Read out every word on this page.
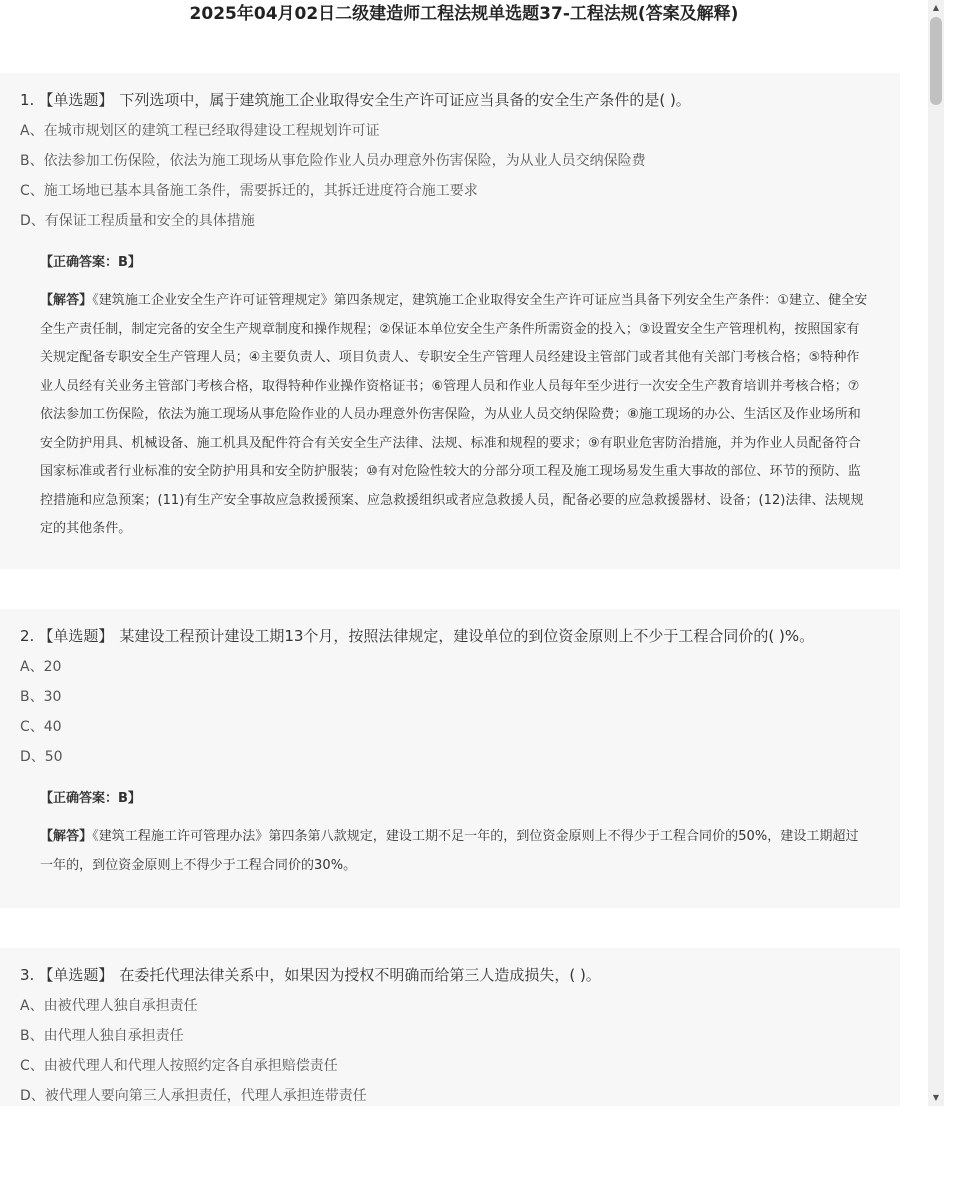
2025年04月02日二级建造师工程法规单选题37-工程法规(答案及解释)
1. 【单选题】 下列选项中，属于建筑施工企业取得安全生产许可证应当具备的安全生产条件的是( )。
A、在城市规划区的建筑工程已经取得建设工程规划许可证
B、依法参加工伤保险，依法为施工现场从事危险作业人员办理意外伤害保险，为从业人员交纳保险费
C、施工场地已基本具备施工条件，需要拆迁的，其拆迁进度符合施工要求
D、有保证工程质量和安全的具体措施
【正确答案：B】
【解答】《建筑施工企业安全生产许可证管理规定》第四条规定，建筑施工企业取得安全生产许可证应当具备下列安全生产条件：①建立、健全安全生产责任制，制定完备的安全生产规章制度和操作规程；②保证本单位安全生产条件所需资金的投入；③设置安全生产管理机构，按照国家有关规定配备专职安全生产管理人员；④主要负责人、项目负责人、专职安全生产管理人员经建设主管部门或者其他有关部门考核合格；⑤特种作业人员经有关业务主管部门考核合格，取得特种作业操作资格证书；⑥管理人员和作业人员每年至少进行一次安全生产教育培训并考核合格；⑦依法参加工伤保险，依法为施工现场从事危险作业的人员办理意外伤害保险，为从业人员交纳保险费；⑧施工现场的办公、生活区及作业场所和安全防护用具、机械设备、施工机具及配件符合有关安全生产法律、法规、标准和规程的要求；⑨有职业危害防治措施，并为作业人员配备符合国家标准或者行业标准的安全防护用具和安全防护服装；⑩有对危险性较大的分部分项工程及施工现场易发生重大事故的部位、环节的预防、监控措施和应急预案；(11)有生产安全事故应急救援预案、应急救援组织或者应急救援人员，配备必要的应急救援器材、设备；(12)法律、法规规定的其他条件。
2. 【单选题】 某建设工程预计建设工期13个月，按照法律规定，建设单位的到位资金原则上不少于工程合同价的( )%。
A、20
B、30
C、40
D、50
【正确答案：B】
【解答】《建筑工程施工许可管理办法》第四条第八款规定，建设工期不足一年的，到位资金原则上不得少于工程合同价的50%，建设工期超过一年的，到位资金原则上不得少于工程合同价的30%。
3. 【单选题】 在委托代理法律关系中，如果因为授权不明确而给第三人造成损失，( )。
A、由被代理人独自承担责任
B、由代理人独自承担责任
C、由被代理人和代理人按照约定各自承担赔偿责任
D、被代理人要向第三人承担责任，代理人承担连带责任
▲
▼
